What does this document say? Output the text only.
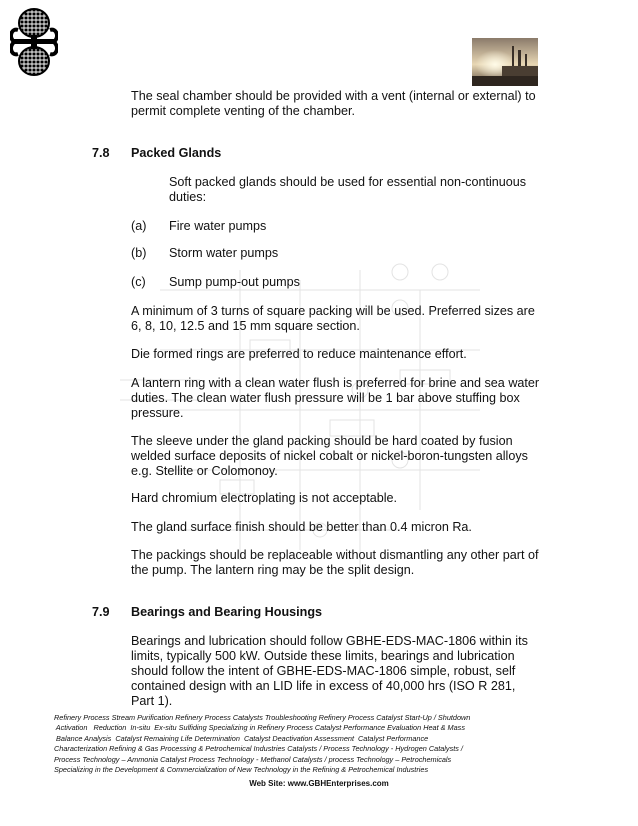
The seal chamber should be provided with a vent (internal or external) to permit complete venting of the chamber.
7.8 Packed Glands
Soft packed glands should be used for essential non-continuous duties:
(a) Fire water pumps
(b) Storm water pumps
(c) Sump pump-out pumps
A minimum of 3 turns of square packing will be used. Preferred sizes are 6, 8, 10, 12.5 and 15 mm square section.
Die formed rings are preferred to reduce maintenance effort.
A lantern ring with a clean water flush is preferred for brine and sea water duties. The clean water flush pressure will be 1 bar above stuffing box pressure.
The sleeve under the gland packing should be hard coated by fusion welded surface deposits of nickel cobalt or nickel-boron-tungsten alloys e.g. Stellite or Colomonoy.
Hard chromium electroplating is not acceptable.
The gland surface finish should be better than 0.4 micron Ra.
The packings should be replaceable without dismantling any other part of the pump. The lantern ring may be the split design.
7.9 Bearings and Bearing Housings
Bearings and lubrication should follow GBHE-EDS-MAC-1806 within its limits, typically 500 kW. Outside these limits, bearings and lubrication should follow the intent of GBHE-EDS-MAC-1806 simple, robust, self contained design with an LID life in excess of 40,000 hrs (ISO R 281, Part 1).
Refinery Process Stream Purification Refinery Process Catalysts Troubleshooting Refinery Process Catalyst Start-Up / Shutdown
Activation   Reduction  In-situ  Ex-situ Sulfiding Specializing in Refinery Process Catalyst Performance Evaluation Heat & Mass
Balance Analysis  Catalyst Remaining Life Determination  Catalyst Deactivation Assessment  Catalyst Performance
Characterization Refining & Gas Processing & Petrochemical Industries Catalysts / Process Technology - Hydrogen Catalysts /
Process Technology – Ammonia Catalyst Process Technology - Methanol Catalysts / process Technology – Petrochemicals
Specializing in the Development & Commercialization of New Technology in the Refining & Petrochemical Industries
Web Site: www.GBHEnterprises.com
